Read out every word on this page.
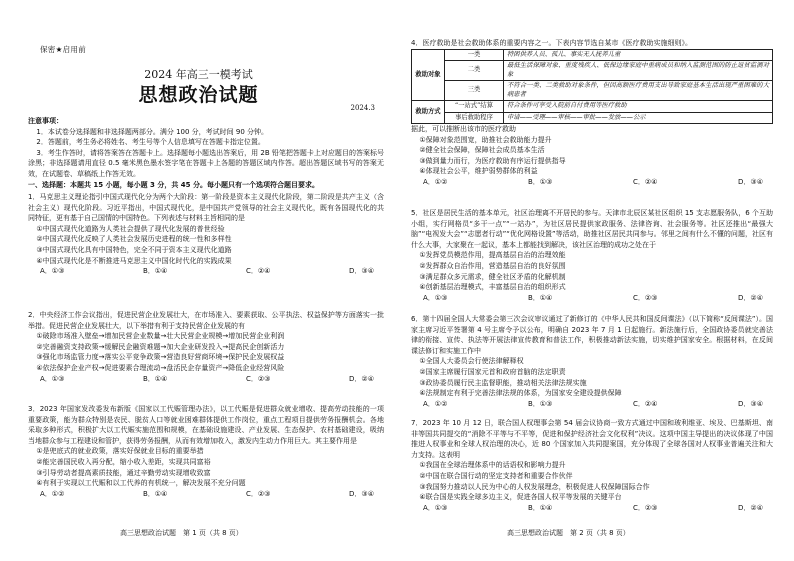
保密★启用前
2024 年高三一模考试
思想政治试题
2024.3

注意事项：

1．本试卷分选择题和非选择题两部分。满分 100 分，考试时间 90 分钟。

2．答题前，考生务必将姓名、考生号等个人信息填写在答题卡指定位置。

3．考生作答时，请将答案答在答题卡上。选择题每小题选出答案后，用 2B 铅笔把答题卡上对应题目的答案标号涂黑；非选择题请用直径 0.5 毫米黑色墨水签字笔在答题卡上各题的答题区域内作答。超出答题区域书写的答案无效，在试题卷、草稿纸上作答无效。

一、选择题：本题共 15 小题，每小题 3 分，共 45 分。每小题只有一个选项符合题目要求。

1．马克思主义理论指引中国式现代化分为两个大阶段：第一阶段是资本主义现代化阶段，第二阶段是共产主义（含社会主义）现代化阶段。习近平指出，中国式现代化，是中国共产党领导的社会主义现代化，既有各国现代化的共同特征，更有基于自己国情的中国特色。下列表述与材料主旨相同的是

①中国式现代化道路为人类社会提供了现代化发展的普世经验

②中国式现代化反映了人类社会发展历史进程的统一性和多样性

③中国式现代化具有中国特色，完全不同于资本主义现代化道路

④中国式现代化是不断推进马克思主义中国化时代化的实践成果

A．①③	B．①④	C．②④	D．③④

2．中央经济工作会议指出，促进民营企业发展壮大，在市场准入、要素获取、公平执法、权益保护等方面落实一批举措。促进民营企业发展壮大，以下举措有利于支持民营企业发展的有

①破除市场准入壁垒→增加民营企业数量→壮大民营企业规模→增加民营企业利润

②完善融资支持政策→缓解民企融资难题→加大企业研发投入→提高民企创新活力

③强化市场监管力度→落实公平竞争政策→营造良好营商环境→保护民企发展权益

④依法保护企业产权→促进要素合理流动→盘活民企存量资产→降低企业经营风险

A．①③	B．①④	C．②③	D．②④

3．2023 年国家发改委发布新版《国家以工代赈管理办法》，以工代赈是促进群众就业增收、提高劳动技能的一项重要政策，能为群众特别是农民、脱贫人口等就业困难群体提供工作岗位，重点工程项目提供劳务报酬机会。各地采取多种形式，积极扩大以工代赈实施范围和规模，在基础设施建设、产业发展、生态保护、农村基础建设，吸纳当地群众参与工程建设和管护，获得劳务报酬，从而有效增加收入，激发内生动力作用巨大。其主要作用是

①是兜底式的就业政策，落实好保就业目标的重要举措

②能完善国民收入再分配，缩小收入差距，实现共同富裕

③引导劳动者提高素质技能，通过辛勤劳动实现增收致富

④有利于实现以工代赈和以工代养的有机统一，解决发展不充分问题

A．①②	B．①④	C．②③	D．③④
高三思想政治试题　第 1 页（共 8 页）

4．医疗救助是社会救助体系的重要内容之一。下表内容节选自某市《医疗救助实施细则》。

救助对象	一类	特困供养人员、孤儿、事实无人抚养儿童
	二类	最低生活保障对象、重度残疾人、低保边缘家庭中重病成员和纳入监测范围的防止返贫监测对象
	三类	不符合一类、二类救助对象条件，但因高额医疗费用支出导致家庭基本生活出现严重困难的大病患者
救助方式	“一站式”结算	符合条件可享受入院前自付费用等医疗救助
	事后救助程序	申请——受理——审核——审批——发放——公示

据此，可以推断出该市的医疗救助

①保障对象范围宽，助推社会救助能力提升

②健全社会保障，保障社会成员基本生活

③做到量力而行，为医疗救助有序运行提供指导

④体现社会公平，维护弱势群体的利益

A．①②	B．①③	C．②④	D．③④

5．社区是居民生活的基本单元，社区治理离不开居民的参与。天津市北辰区某社区组织 15 支志愿服务队，6 个互助小组，实行网格员“多干一点”“一站办”，为社区居民提供家政服务、法律咨询、社会服务等。社区还推出“最强大脑”“电视发大会”“志愿者行动”“优化网格设置”等活动，助推社区居民共同参与。邻里之间有什么不懂的问题，社区有什么大事，大家聚在一起议，基本上都能找到解决，该社区治理的成功之处在于

①发挥党员模范作用，提高基层自治的治理效能

②发挥群众自治作用，营造基层自治的良好氛围

③满足群众多元需求，健全社区矛盾的化解机制

④创新基层治理模式，丰富基层自治的组织形式

A．①③	B．①④	C．②③	D．②④

6．第十四届全国人大常委会第三次会议审议通过了新修订的《中华人民共和国反间谍法》（以下简称“反间谍法”）。国家主席习近平签署第 4 号主席令予以公布，明确自 2023 年 7 月 1 日起施行。新法施行后，全国政协委员就完善法律的衔接、宣传、执法等开展法律宣传教育和普法工作，积极推动新法实施，切实维护国家安全。根据材料，在反间谍法修订和实施工作中

①全国人大委员会行使法律解释权

②国家主席履行国家元首和政府首脑的法定职责

③政协委员履行民主监督职能，推动相关法律法规实施

④法规制定有利于完善法律法规的体系，为国家安全建设提供保障

A．①②	B．①③	C．②④	D．③④

7．2023 年 10 月 12 日，联合国人权理事会第 54 届会议协商一致方式通过中国和玻利维亚、埃及、巴基斯坦、南非等国共同提交的“消除不平等与不平等，促进和保护经济社会文化权利”决议。这项中国主导提出的决议体现了中国推进人权事业和全球人权治理的决心，近 80 个国家加入共同提案国，充分体现了全球各国对人权事业普遍关注和大力支持。这表明

①我国在全球治理体系中的话语权和影响力提升

②中国在联合国行动的坚定支持者和重要合作伙伴

③我国努力推动以人民为中心的人权发展理念，积极促进人权保障国际合作

④联合国是实践全球多边主义，促进各国人权平等发展的关键平台

A．①③	B．①④	C．②③	D．②④
高三思想政治试题　第 2 页（共 8 页）
